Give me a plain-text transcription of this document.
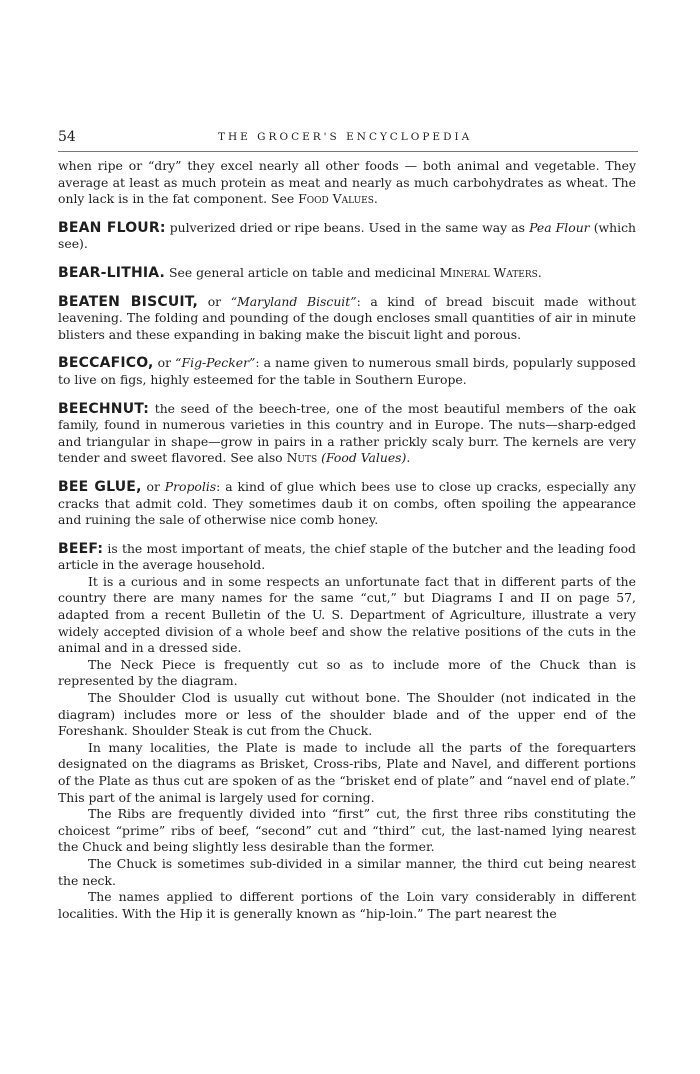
54	THE GROCER'S ENCYCLOPEDIA

when ripe or “dry” they excel nearly all other foods — both animal and vegetable. They average at least as much protein as meat and nearly as much carbohydrates as wheat. The only lack is in the fat component. See Food Values.

BEAN FLOUR: pulverized dried or ripe beans. Used in the same way as Pea Flour (which see).

BEAR-LITHIA. See general article on table and medicinal Mineral Waters.

BEATEN BISCUIT, or “Maryland Biscuit”: a kind of bread biscuit made without leavening. The folding and pounding of the dough encloses small quantities of air in minute blisters and these expanding in baking make the biscuit light and porous.

BECCAFICO, or “Fig-Pecker”: a name given to numerous small birds, popularly supposed to live on figs, highly esteemed for the table in Southern Europe.

BEECHNUT: the seed of the beech-tree, one of the most beautiful members of the oak family, found in numerous varieties in this country and in Europe. The nuts—sharp-edged and triangular in shape—grow in pairs in a rather prickly scaly burr. The kernels are very tender and sweet flavored. See also Nuts (Food Values).

BEE GLUE, or Propolis: a kind of glue which bees use to close up cracks, especially any cracks that admit cold. They sometimes daub it on combs, often spoiling the appearance and ruining the sale of otherwise nice comb honey.

BEEF: is the most important of meats, the chief staple of the butcher and the leading food article in the average household.

It is a curious and in some respects an unfortunate fact that in different parts of the country there are many names for the same “cut,” but Diagrams I and II on page 57, adapted from a recent Bulletin of the U. S. Department of Agriculture, illustrate a very widely accepted division of a whole beef and show the relative positions of the cuts in the animal and in a dressed side.

The Neck Piece is frequently cut so as to include more of the Chuck than is represented by the diagram.

The Shoulder Clod is usually cut without bone. The Shoulder (not indicated in the diagram) includes more or less of the shoulder blade and of the upper end of the Foreshank. Shoulder Steak is cut from the Chuck.

In many localities, the Plate is made to include all the parts of the forequarters designated on the diagrams as Brisket, Cross-ribs, Plate and Navel, and different portions of the Plate as thus cut are spoken of as the “brisket end of plate” and “navel end of plate.” This part of the animal is largely used for corning.

The Ribs are frequently divided into “first” cut, the first three ribs constituting the choicest “prime” ribs of beef, “second” cut and “third” cut, the last-named lying nearest the Chuck and being slightly less desirable than the former.

The Chuck is sometimes sub-divided in a similar manner, the third cut being nearest the neck.

The names applied to different portions of the Loin vary considerably in different localities. With the Hip it is generally known as “hip-loin.” The part nearest the
